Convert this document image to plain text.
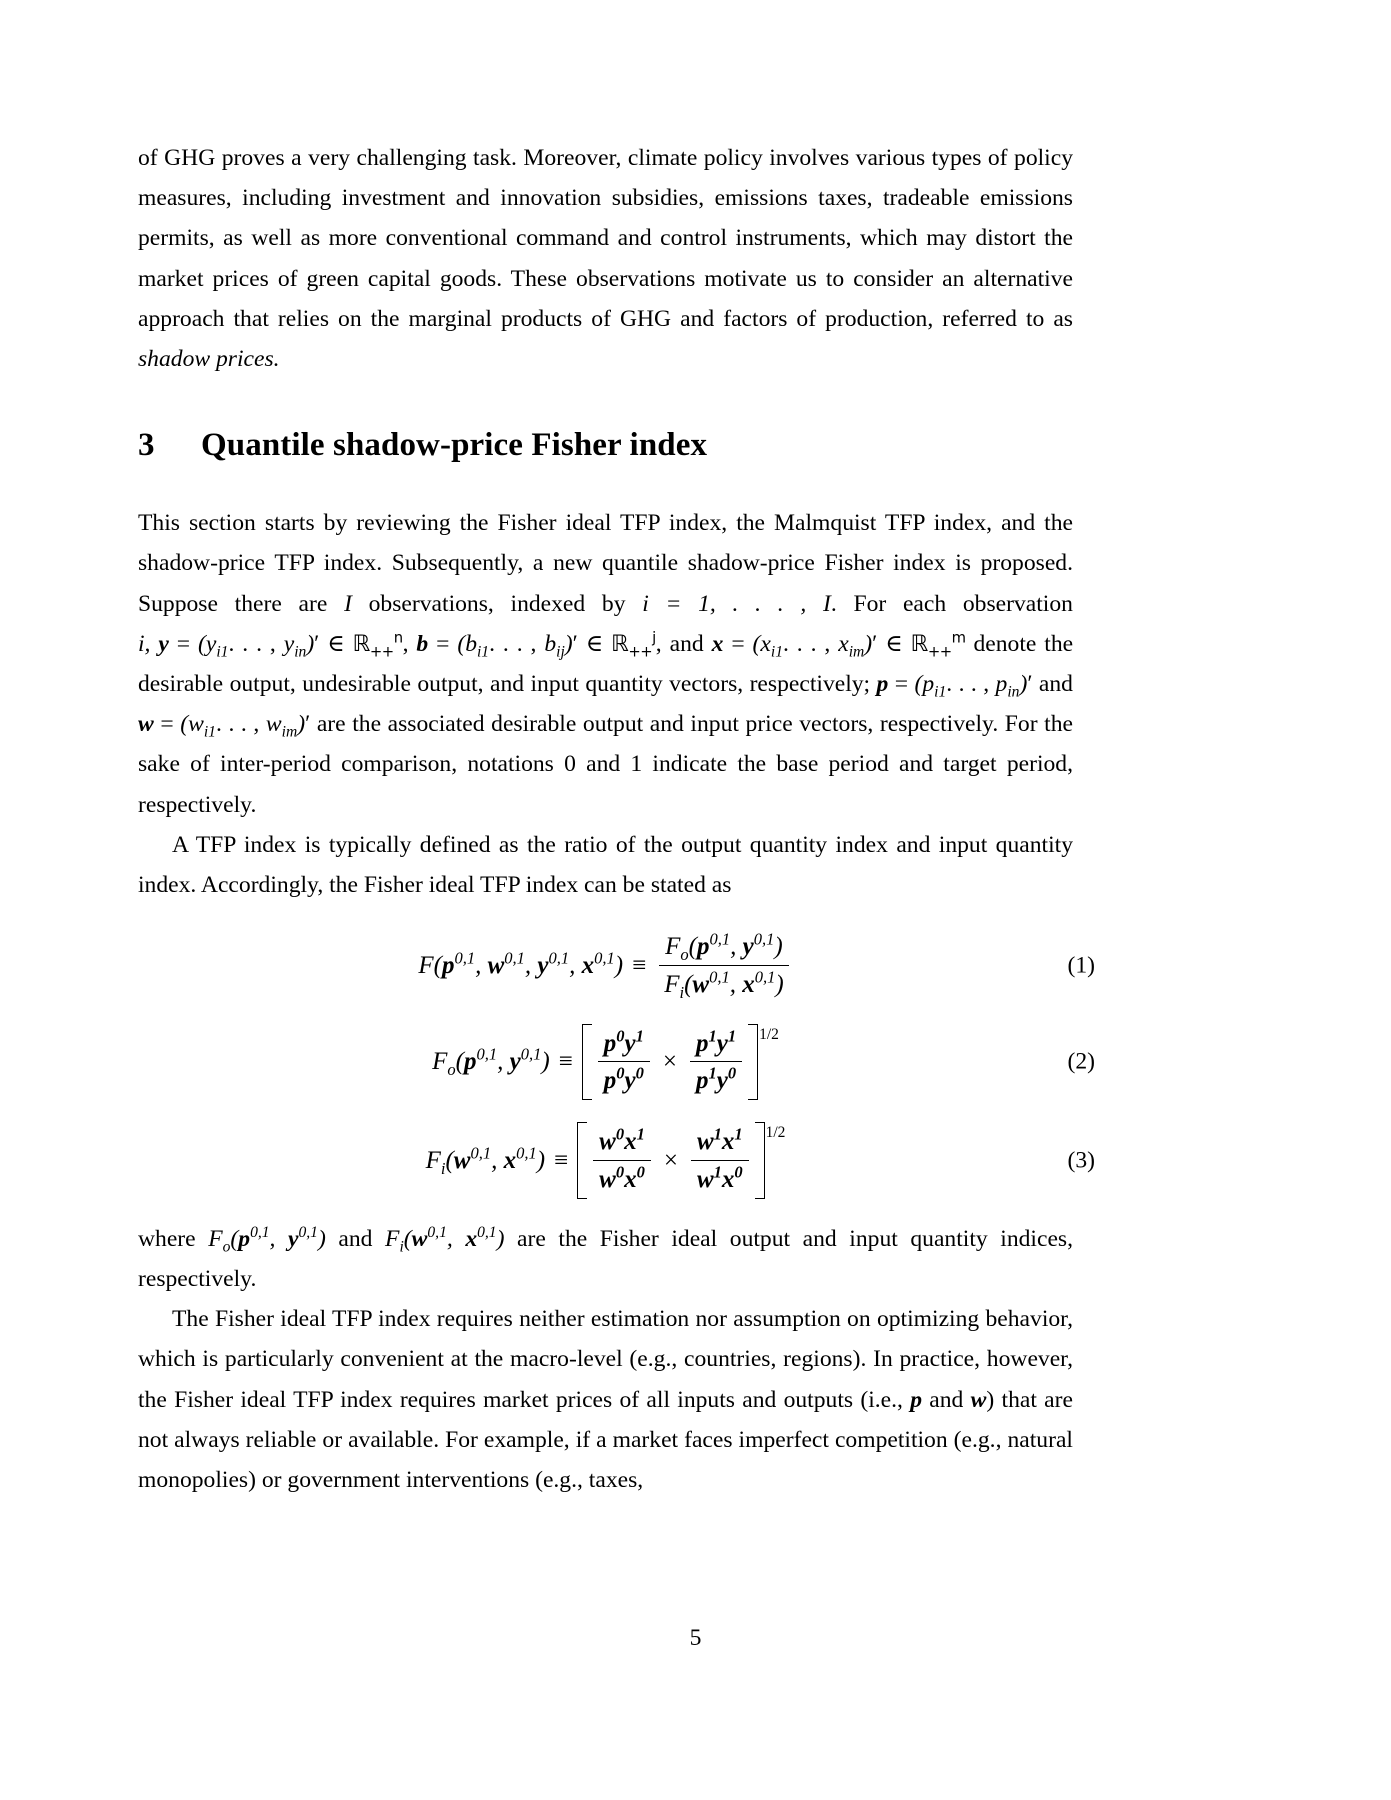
of GHG proves a very challenging task. Moreover, climate policy involves various types of policy measures, including investment and innovation subsidies, emissions taxes, tradeable emissions permits, as well as more conventional command and control instruments, which may distort the market prices of green capital goods. These observations motivate us to consider an alternative approach that relies on the marginal products of GHG and factors of production, referred to as shadow prices.

3 Quantile shadow-price Fisher index

This section starts by reviewing the Fisher ideal TFP index, the Malmquist TFP index, and the shadow-price TFP index. Subsequently, a new quantile shadow-price Fisher index is proposed. Suppose there are I observations, indexed by i = 1, . . . , I. For each observation i, $y = (y_{i1}$. . . , $y_{in})'$ ∈ ℝ$_{++}^n$, $b = (b_{i1}$. . . , $b_{ij})'$ ∈ ℝ$_{++}^j$, and $x = (x_{i1}$. . . , $x_{im})'$ ∈ ℝ$_{++}^m$ denote the desirable output, undesirable output, and input quantity vectors, respectively; $p = (p_{i1}$. . . , $p_{in})'$ and $w = (w_{i1}$. . . , $w_{im})'$ are the associated desirable output and input price vectors, respectively. For the sake of inter-period comparison, notations 0 and 1 indicate the base period and target period, respectively.

A TFP index is typically defined as the ratio of the output quantity index and input quantity index. Accordingly, the Fisher ideal TFP index can be stated as

$F(p^{0,1}$, $w^{0,1}$, $y^{0,1}$, $x^{0,1}) \equiv \frac{F_o(p^{0,1}, y^{0,1})}{F_i(w^{0,1}, x^{0,1})}$	(1)
$F_o(p^{0,1}$, $y^{0,1}) \equiv \frac{p^0y^1}{p^0y^0} \times \frac{p^1y^1}{p^1y^0} 1/2$
(2)
$F_i(w^{0,1}$, $x^{0,1}) \equiv \frac{w^0x^1}{w^0x^0} \times \frac{w^1x^1}{w^1x^0} 1/2$
(3)

where $F_o(p^{0,1}$, $y^{0,1}$) and $F_i(w^{0,1}$, $x^{0,1}$) are the Fisher ideal output and input quantity indices, respectively.

The Fisher ideal TFP index requires neither estimation nor assumption on optimizing behavior, which is particularly convenient at the macro-level (e.g., countries, regions). In practice, however, the Fisher ideal TFP index requires market prices of all inputs and outputs (i.e., p and w) that are not always reliable or available. For example, if a market faces imperfect competition (e.g., natural monopolies) or government interventions (e.g., taxes,

5
